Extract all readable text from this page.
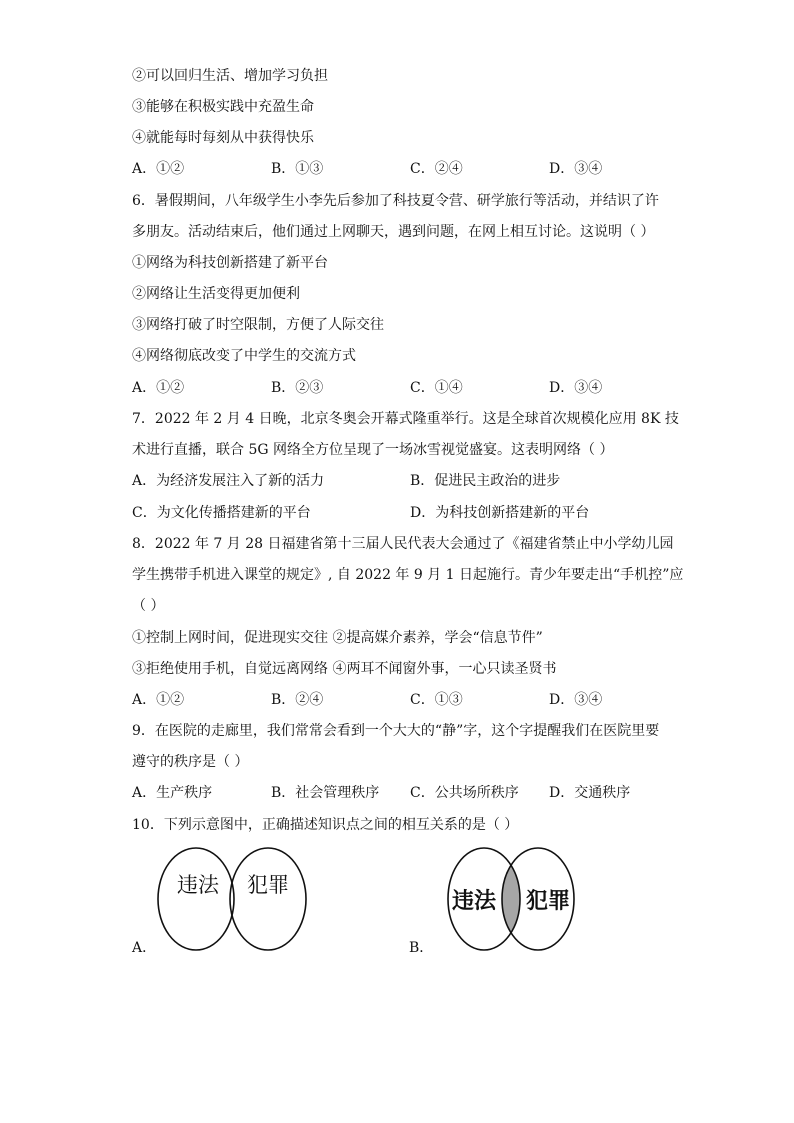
②可以回归生活、增加学习负担
③能够在积极实践中充盈生命
④就能每时每刻从中获得快乐
A．①②	B．①③	C．②④	D．③④
6．暑假期间，八年级学生小李先后参加了科技夏令营、研学旅行等活动，并结识了许
多朋友。活动结束后，他们通过上网聊天，遇到问题，在网上相互讨论。这说明（ ）
①网络为科技创新搭建了新平台
②网络让生活变得更加便利
③网络打破了时空限制，方便了人际交往
④网络彻底改变了中学生的交流方式
A．①②	B．②③	C．①④	D．③④
7．2022 年 2 月 4 日晚，北京冬奥会开幕式隆重举行。这是全球首次规模化应用 8K 技
术进行直播，联合 5G 网络全方位呈现了一场冰雪视觉盛宴。这表明网络（ ）
A．为经济发展注入了新的活力	B．促进民主政治的进步
C．为文化传播搭建新的平台	D．为科技创新搭建新的平台
8．2022 年 7 月 28 日福建省第十三届人民代表大会通过了《福建省禁止中小学幼儿园
学生携带手机进入课堂的规定》, 自 2022 年 9 月 1 日起施行。青少年要走出“手机控”应
（ ）
①控制上网时间，促进现实交往 ②提高媒介素养，学会“信息节件”
③拒绝使用手机，自觉远离网络 ④两耳不闻窗外事，一心只读圣贤书
A．①②	B．②④	C．①③	D．③④
9．在医院的走廊里，我们常常会看到一个大大的“静”字，这个字提醒我们在医院里要
遵守的秩序是（ ）
A．生产秩序	B．社会管理秩序 C．公共场所秩序 D．交通秩序
10．下列示意图中，正确描述知识点之间的相互关系的是（ ）
A．
违法 犯罪
B．
违法 犯罪
